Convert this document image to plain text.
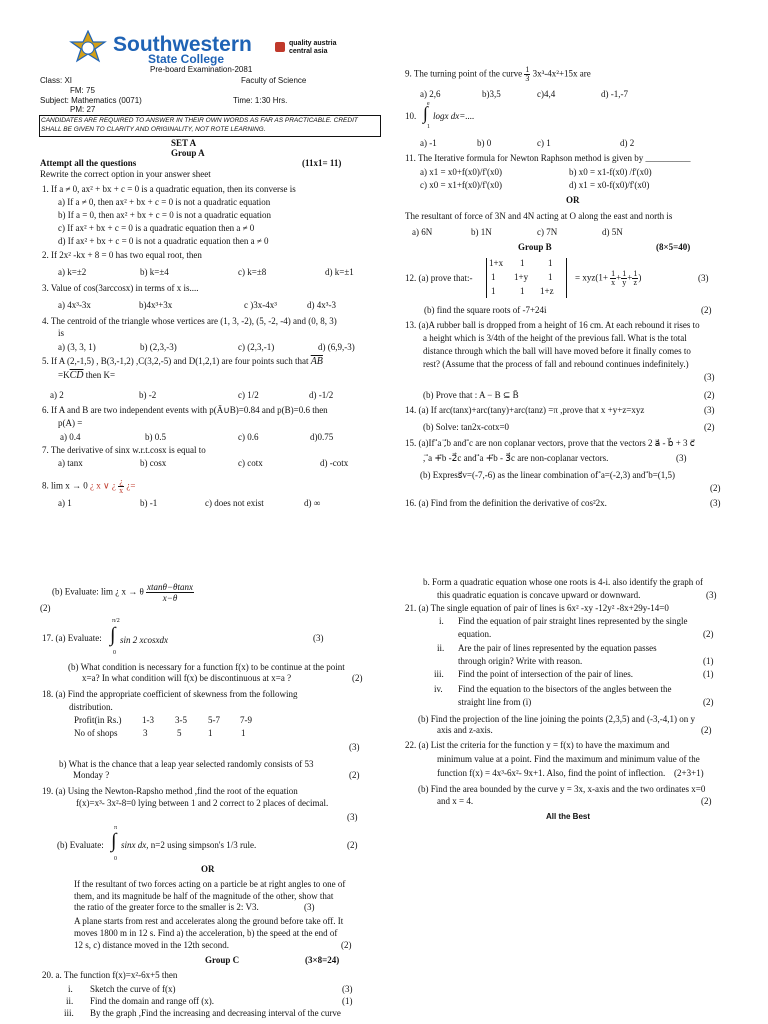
Southwestern
State College
quality austria
central asia
Pre-board Examination-2081
Class: XI	Faculty of Science
FM: 75
Subject: Mathematics (0071)	Time: 1:30 Hrs.
PM: 27
CANDIDATES ARE REQUIRED TO ANSWER IN THEIR OWN WORDS AS FAR AS PRACTICABLE. CREDIT
SHALL BE GIVEN TO CLARITY AND ORIGINALITY, NOT ROTE LEARNING.
SET A
Group A
Attempt all the questions	(11x1= 11)
Rewrite the correct option in your answer sheet
1. If a ≠ 0, ax² + bx + c = 0 is a quadratic equation, then its converse is
a) If a ≠ 0, then ax² + bx + c = 0 is not a quadratic equation
b) If a = 0, then ax² + bx + c = 0 is not a quadratic equation
c) If ax² + bx + c = 0 is a quadratic equation then a ≠ 0
d) If ax² + bx + c = 0 is not a quadratic equation then a ≠ 0
2. If 2x² -kx + 8 = 0 has two equal root, then
a) k=±2	b) k=±4	c) k=±8	d) k=±1
3. Value of cos(3arccosx) in terms of x is....
a) 4x³-3x	b)4x³+3x	c )3x-4x³	d) 4x³-3
4. The centroid of the triangle whose vertices are (1, 3, -2), (5, -2, -4) and (0, 8, 3)
is
a) (3, 3, 1)	b) (2,3,-3)	c) (2,3,-1)	d) (6,9,-3)
5. If A (2,-1,5) , B(3,-1,2) ,C(3,2,-5) and D(1,2,1) are four points such that $\overline{AB}$
$=K\overline{CD}$ then K=
a) 2	b) -2	c) 1/2	d) -1/2
6. If A and B are two independent events with p(Ā∪B)=0.84 and p(B)=0.6 then
p(A) =
a) 0.4	b) 0.5	c) 0.6	d)0.75
7. The derivative of sinx w.r.t.cosx is equal to
a) tanx	b) cosx	c) cotx	d) -cotx
8. lim x → 0 ¿ x ∨ ¿ $\frac{¿}{x}$ ¿=
a) 1	b) -1	c) does not exist	d) ∞
9. The turning point of the curve $\frac{1}{3} 3x^3-4x^2+15x$ are
a) 2,6	b)3,5	c)4,4	d) -1,-7
10. ∫ e
1
logx dx=....
a) -1	b) 0	c) 1	d) 2
11. The Iterative formula for Newton Raphson method is given by __________
a) x1 = x0+f(x0)/f'(x0)	b) x0 = x1-f(x0) /f'(x0)
c) x0 = x1+f(x0)/f'(x0)	d) x1 = x0-f(x0)/f'(x0)
OR
The resultant of force of 3N and 4N acting at O along the east and north is
a) 6N	b) 1N	c) 7N	d) 5N
Group B	(8×5=40)
12. (a) prove that:-
1+x 1	1
1 1+y 1
1	1 1+z
= $xyz(1+ \frac{1}{x} + \frac{1}{y} + \frac{1}{z}$ )	(3)
(b) find the square roots of -7+24i	(2)
13. (a)A rubber ball is dropped from a height of 16 cm. At each rebound it rises to
a height which is 3/4th of the height of the previous fall. What is the total
distance through which the ball will have moved before it finally comes to
rest? (Assume that the process of fall and rebound continues indefinitely.)
(3)
(b) Prove that : A − B ⊆ B̄	(2)
14. (a) If arc(tanx)+arc(tany)+arc(tanz) =π ,prove that x +y+z=xyz	(3)
(b) Solve: tan2x-cotx=0	(2)
15. (a)If ⃗a ,⃗b and ⃗c are non coplanar vectors, prove that the vectors 2 a⃗ - b⃗ + 3 c⃗
, ⃗a +⃗b -2⃗c and ⃗a +⃗b - 3⃗c are non-coplanar vectors.	(3)
(b) Express⃗v=(-7,-6) as the linear combination of ⃗a=(-2,3) and ⃗b=(1,5)
(2)
16. (a) Find from the definition the derivative of cos²2x.	(3)
(b) Evaluate: lim ¿ x → θ $\frac{xtan\theta-\theta\tan x}{x-\theta}$
(2)
17. (a) Evaluate: ∫
π/2
0
sin 2 xcosxdx	(3)
(b) What condition is necessary for a function f(x) to be continue at the point
x=a? In what condition will f(x) be discontinuous at x=a ?	(2)
18. (a) Find the appropriate coefficient of skewness from the following
distribution.
Profit(in Rs.) 1-3 3-5 5-7 7-9
No of shops	3	5	1	1
(3)
b) What is the chance that a leap year selected randomly consists of 53
Monday ?	(2)
19. (a) Using the Newton-Rapsho method ,find the root of the equation
f(x)=x³- 3x²-8=0 lying between 1 and 2 correct to 2 places of decimal.
(3)
(b) Evaluate: ∫
π
0
sinx dx, n=2 using simpson's 1/3 rule.	(2)
OR
If the resultant of two forces acting on a particle be at right angles to one of
them, and its magnitude be half of the magnitude of the other, show that
the ratio of the greater force to the smaller is 2: V3.	(3)
A plane starts from rest and accelerates along the ground before take off. It
moves 1800 m in 12 s. Find a) the acceleration, b) the speed at the end of
12 s, c) distance moved in the 12th second.	(2)
Group C	(3×8=24)
20. a. The function f(x)=x²-6x+5 then
i. Sketch the curve of f(x)	(3)
ii. Find the domain and range off (x).	(1)
iii. By the graph ,Find the increasing and decreasing interval of the curve
b. Form a quadratic equation whose one roots is 4-i. also identify the graph of
this quadratic equation is concave upward or downward.	(3)
21. (a) The single equation of pair of lines is 6x² -xy -12y² -8x+29y-14=0
i. Find the equation of pair straight lines represented by the single
equation.	(2)
ii. Are the pair of lines represented by the equation passes
through origin? Write with reason.	(1)
iii. Find the point of intersection of the pair of lines.	(1)
iv. Find the equation to the bisectors of the angles between the
straight line from (i)	(2)
(b) Find the projection of the line joining the points (2,3,5) and (-3,-4,1) on y
axis and z-axis.	(2)
22. (a) List the criteria for the function y = f(x) to have the maximum and
minimum value at a point. Find the maximum and minimum value of the
function f(x) = 4x³-6x²- 9x+1. Also, find the point of inflection. (2+3+1)
(b) Find the area bounded by the curve y = 3x, x-axis and the two ordinates x=0
and x = 4.	(2)
All the Best
